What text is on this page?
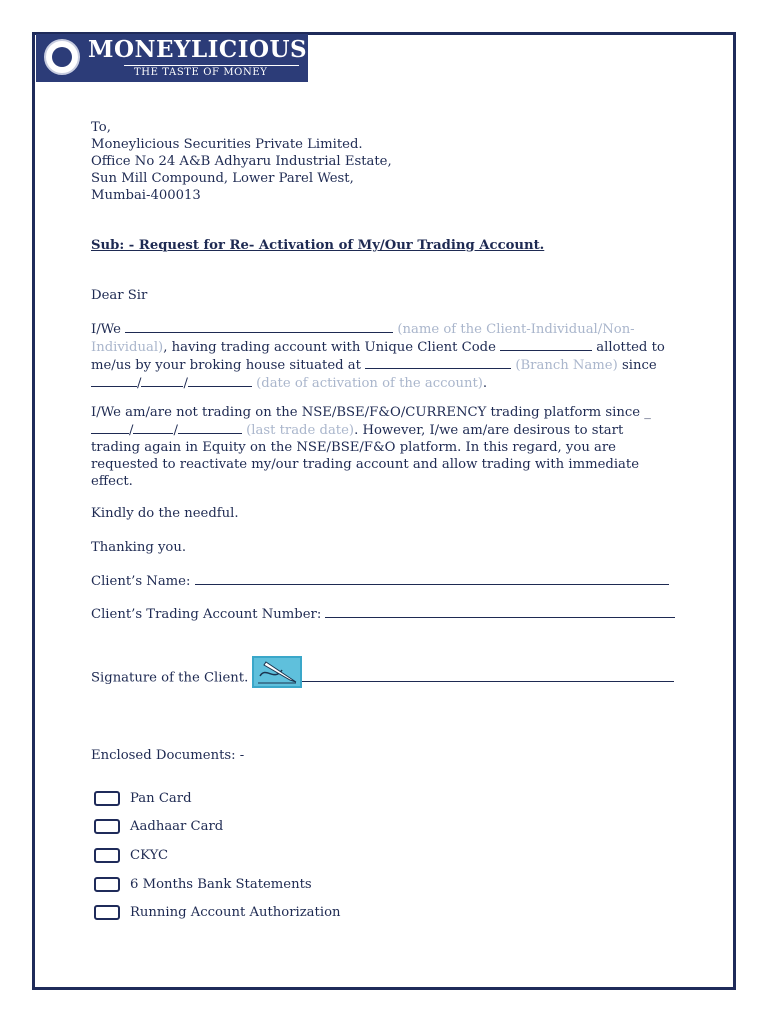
MONEYLICIOUS
THE TASTE OF MONEY
To,
Moneylicious Securities Private Limited.
Office No 24 A&B Adhyaru Industrial Estate,
Sun Mill Compound, Lower Parel West,
Mumbai-400013
Sub: - Request for Re- Activation of My/Our Trading Account.
Dear Sir
I/We	(name of the Client-Individual/Non-Individual), having trading account with Unique Client Code	allotted to me/us by your broking house situated at	(Branch Name) since /	/	(date of activation of the account).
I/We am/are not trading on the NSE/BSE/F&O/CURRENCY trading platform since _ /	/	(last trade date). However, I/we am/are desirous to start trading again in Equity on the NSE/BSE/F&O platform. In this regard, you are requested to reactivate my/our trading account and allow trading with immediate effect.
Kindly do the needful.
Thanking you.
Client’s Name:
Client’s Trading Account Number:
Signature of the Client.
Enclosed Documents: -
Pan Card
Aadhaar Card
CKYC
6 Months Bank Statements
Running Account Authorization
